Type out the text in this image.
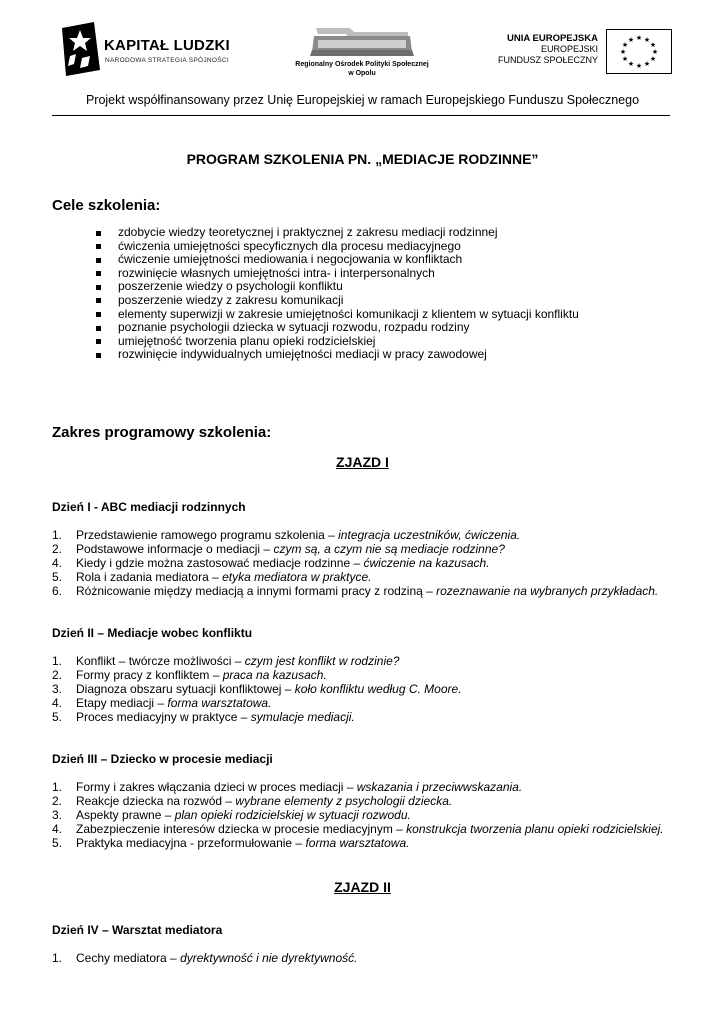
KAPITAŁ LUDZKI
NARODOWA STRATEGIA SPÓJNOŚCI
Regionalny Ośrodek Polityki Społecznej
w Opolu
UNIA EUROPEJSKA
EUROPEJSKI
FUNDUSZ SPOŁECZNY
★ ★
★
★
★
★
★
★
★
★
★
★
Projekt współfinansowany przez Unię Europejskiej w ramach Europejskiego Funduszu Społecznego
PROGRAM SZKOLENIA PN. „MEDIACJE RODZINNE”
Cele szkolenia:
zdobycie wiedzy teoretycznej i praktycznej z zakresu mediacji rodzinnej
ćwiczenia umiejętności specyficznych dla procesu mediacyjnego
ćwiczenie umiejętności mediowania i negocjowania w konfliktach
rozwinięcie własnych umiejętności intra- i interpersonalnych
poszerzenie wiedzy o psychologii konfliktu
poszerzenie wiedzy z zakresu komunikacji
elementy superwizji w zakresie umiejętności komunikacji z klientem w sytuacji konfliktu
poznanie psychologii dziecka w sytuacji rozwodu, rozpadu rodziny
umiejętność tworzenia planu opieki rodzicielskiej
rozwinięcie indywidualnych umiejętności mediacji w pracy zawodowej
Zakres programowy szkolenia:
ZJAZD I
Dzień I - ABC mediacji rodzinnych
1. Przedstawienie ramowego programu szkolenia – integracja uczestników, ćwiczenia.
2. Podstawowe informacje o mediacji – czym są, a czym nie są mediacje rodzinne?
4. Kiedy i gdzie można zastosować mediacje rodzinne – ćwiczenie na kazusach.
5. Rola i zadania mediatora – etyka mediatora w praktyce.
6. Różnicowanie między mediacją a innymi formami pracy z rodziną – rozeznawanie na wybranych przykładach.
Dzień II – Mediacje wobec konfliktu
1. Konflikt – twórcze możliwości – czym jest konflikt w rodzinie?
2. Formy pracy z konfliktem – praca na kazusach.
3. Diagnoza obszaru sytuacji konfliktowej – koło konfliktu według C. Moore.
4. Etapy mediacji – forma warsztatowa.
5. Proces mediacyjny w praktyce – symulacje mediacji.
Dzień III – Dziecko w procesie mediacji
1. Formy i zakres włączania dzieci w proces mediacji – wskazania i przeciwwskazania.
2. Reakcje dziecka na rozwód – wybrane elementy z psychologii dziecka.
3. Aspekty prawne – plan opieki rodzicielskiej w sytuacji rozwodu.
4. Zabezpieczenie interesów dziecka w procesie mediacyjnym – konstrukcja tworzenia planu opieki rodzicielskiej.
5. Praktyka mediacyjna - przeformułowanie – forma warsztatowa.
ZJAZD II
Dzień IV – Warsztat mediatora
1. Cechy mediatora – dyrektywność i nie dyrektywność.
